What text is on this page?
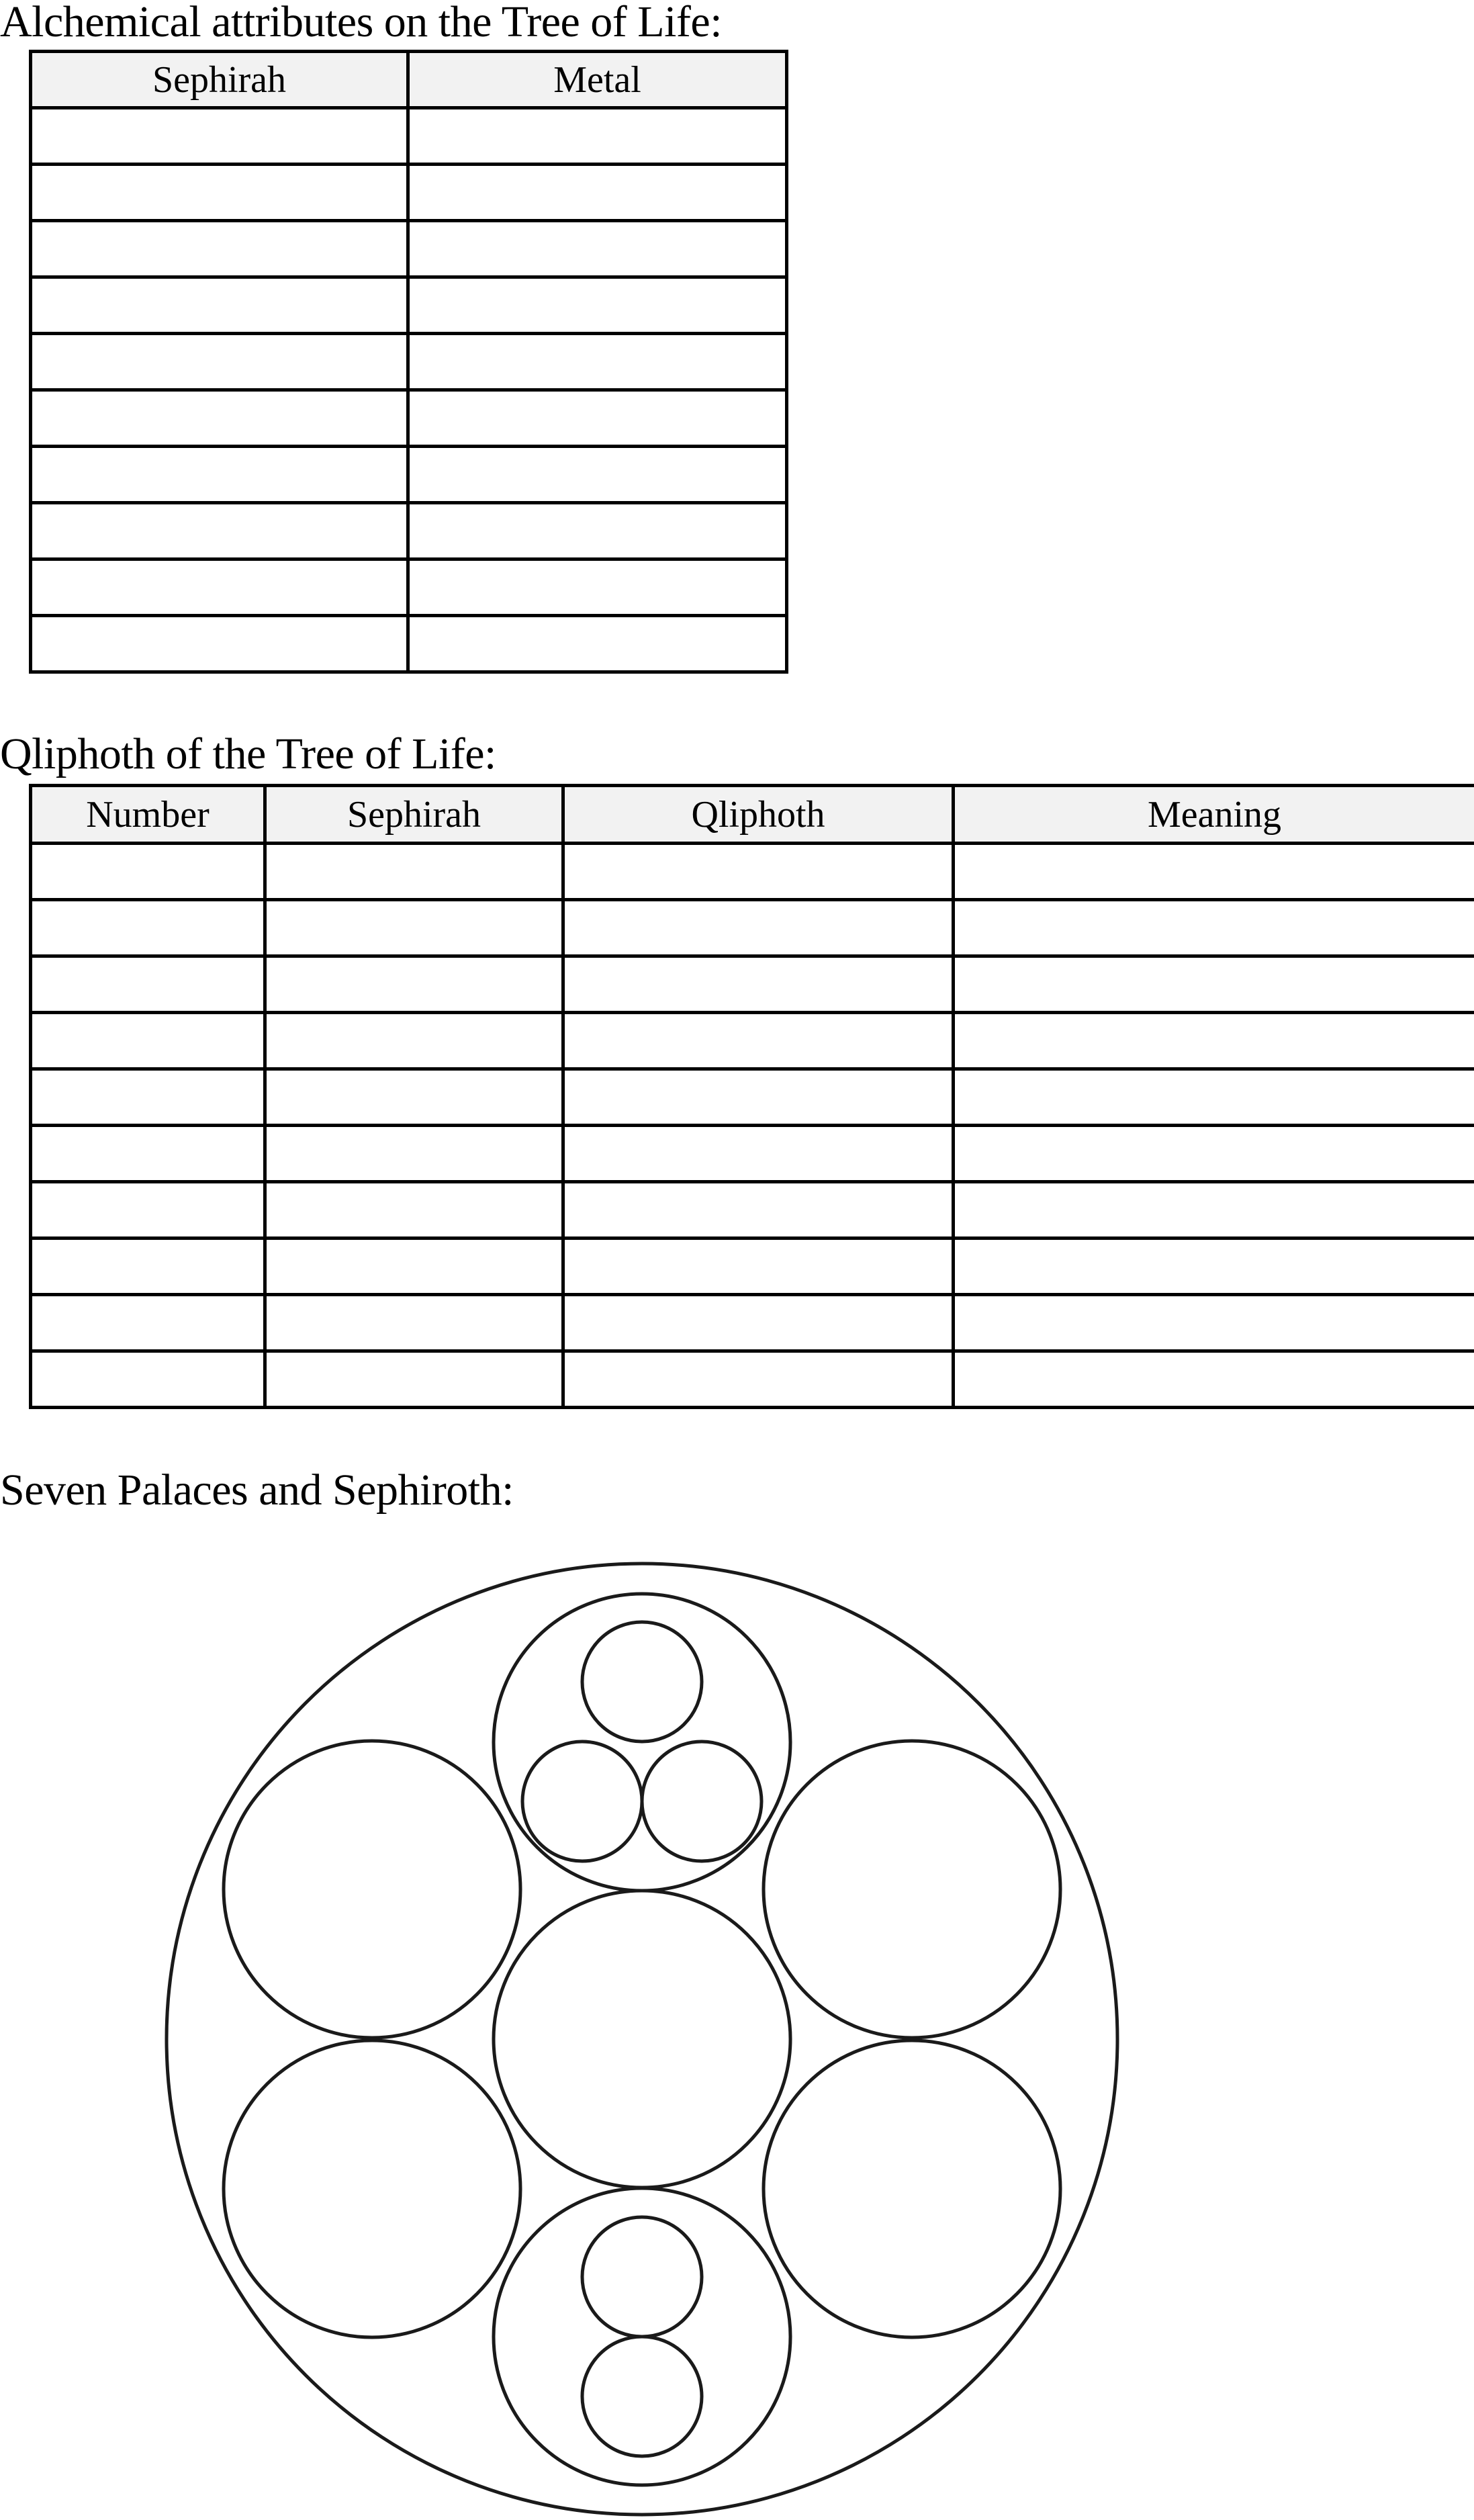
Alchemical attributes on the Tree of Life:
Sephirah	Metal

Qliphoth of the Tree of Life:
Number	Sephirah	Qliphoth	Meaning

Seven Palaces and Sephiroth:
